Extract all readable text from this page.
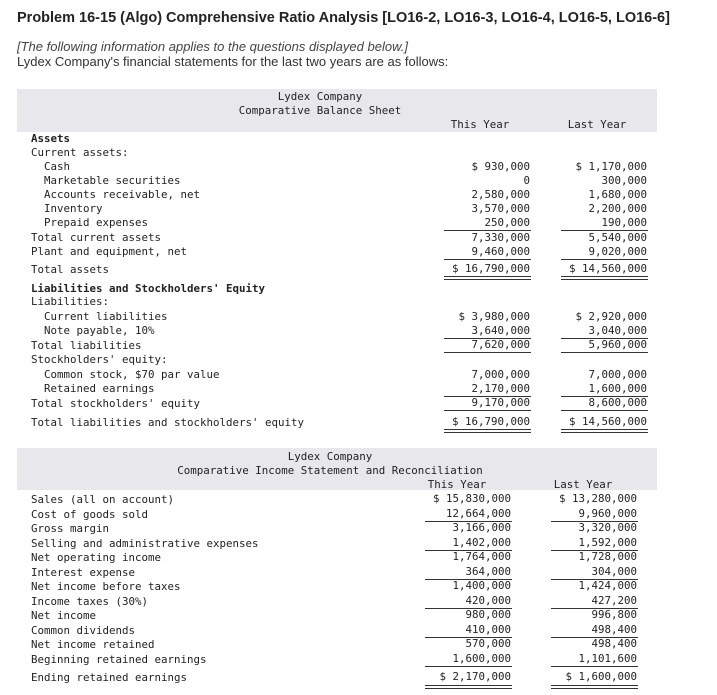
Problem 16-15 (Algo) Comprehensive Ratio Analysis [LO16-2, LO16-3, LO16-4, LO16-5, LO16-6]
[The following information applies to the questions displayed below.]
Lydex Company's financial statements for the last two years are as follows:
Lydex Company
Comparative Balance Sheet
This Year	Last Year
Assets
Current assets:
Cash	$ 930,000	$ 1,170,000
Marketable securities	0	300,000
Accounts receivable, net	2,580,000	1,680,000
Inventory	3,570,000	2,200,000
Prepaid expenses	250,000	190,000
Total current assets	7,330,000	5,540,000
Plant and equipment, net	9,460,000	9,020,000
Total assets	$ 16,790,000	$ 14,560,000
Liabilities and Stockholders' Equity
Liabilities:
Current liabilities	$ 3,980,000	$ 2,920,000
Note payable, 10%	3,640,000	3,040,000
Total liabilities	7,620,000	5,960,000
Stockholders' equity:
Common stock, $70 par value	7,000,000	7,000,000
Retained earnings	2,170,000	1,600,000
Total stockholders' equity	9,170,000	8,600,000
Total liabilities and stockholders' equity	$ 16,790,000	$ 14,560,000
Lydex Company
Comparative Income Statement and Reconciliation
This Year	Last Year
Sales (all on account)	$ 15,830,000	$ 13,280,000
Cost of goods sold	12,664,000	9,960,000
Gross margin	3,166,000	3,320,000
Selling and administrative expenses	1,402,000	1,592,000
Net operating income	1,764,000	1,728,000
Interest expense	364,000	304,000
Net income before taxes	1,400,000	1,424,000
Income taxes (30%)	420,000	427,200
Net income	980,000	996,800
Common dividends	410,000	498,400
Net income retained	570,000	498,400
Beginning retained earnings	1,600,000	1,101,600
Ending retained earnings	$ 2,170,000	$ 1,600,000
